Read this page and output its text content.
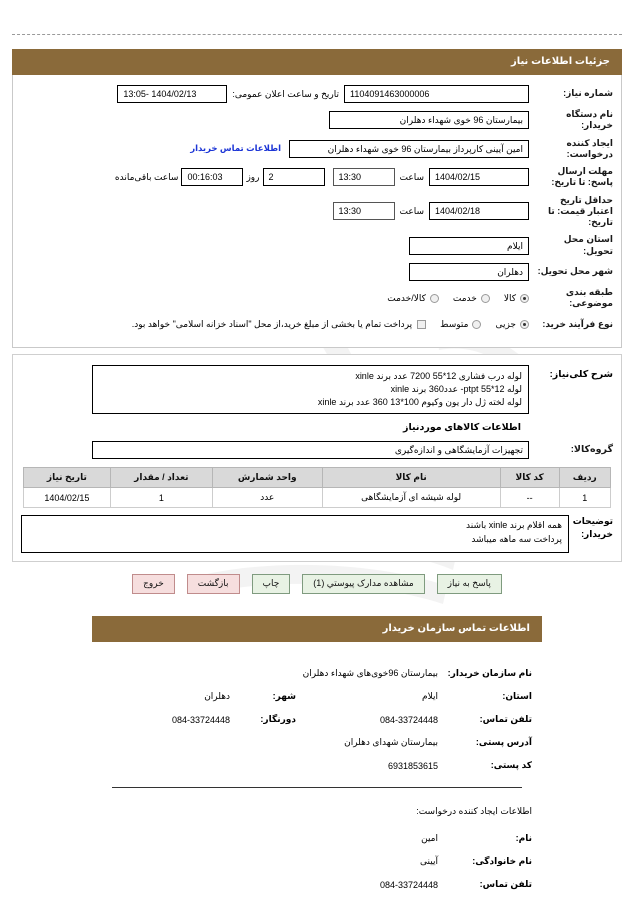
جزئیات اطلاعات نیاز
شماره نیاز:
1104091463000006
تاریخ و ساعت اعلان عمومی:
1404/02/13 -13:05
نام دستگاه خریدار:
بیمارستان 96 خوی شهداء دهلران
ایجاد کننده درخواست:
امین آیینی کارپرداز بیمارستان 96 خوی شهداء دهلران
اطلاعات تماس خریدار
مهلت ارسال پاسخ: تا تاریخ:
1404/02/15
ساعت
13:30
2
روز
00:16:03
ساعت باقی‌مانده
حداقل تاریخ اعتبار قیمت: تا تاریخ:
1404/02/18
ساعت
13:30
استان محل تحویل:
ایلام
شهر محل تحویل:
دهلران
طبقه بندی موضوعی:
کالا
خدمت
کالا/خدمت
نوع فرآیند خرید:
جزیی
متوسط
پرداخت تمام یا بخشی از مبلغ خرید،از محل "اسناد خزانه اسلامی" خواهد بود.
شرح کلی‌نیاز:
لوله درب فشاری 12*55 7200 عدد برند xinle
لوله 12*55 ptpt- عدد360 برند xinle
لوله لخته ژل دار یون وکیوم 100*13 360 عدد برند xinle
اطلاعات کالاهای موردنیاز
گروه‌کالا:
تجهیزات آزمایشگاهی و اندازه‌گیری
ردیف	کد کالا	نام کالا	واحد شمارش	تعداد / مقدار	تاریخ نیاز
1	--	لوله شیشه ای آزمایشگاهی	عدد	1	1404/02/15
توضیحات خریدار:
همه اقلام برند xinle باشند
پرداخت سه ماهه میباشد
پاسخ به نیاز
مشاهده مدارک پیوستي (1)
چاپ
بازگشت
خروج
اطلاعات تماس سازمان خریدار
نام سازمان خریدار:
بیمارستان 96خوی‌های شهداء دهلران
استان:
ایلام
شهر:
دهلران
تلفن تماس:
084-33724448
دورنگار:
084-33724448
آدرس پستی:
بیمارستان شهدای دهلران
کد پستی:
6931853615
اطلاعات ایجاد کننده درخواست:
نام:
امین
نام خانوادگی:
آیینی
تلفن تماس:
084-33724448
